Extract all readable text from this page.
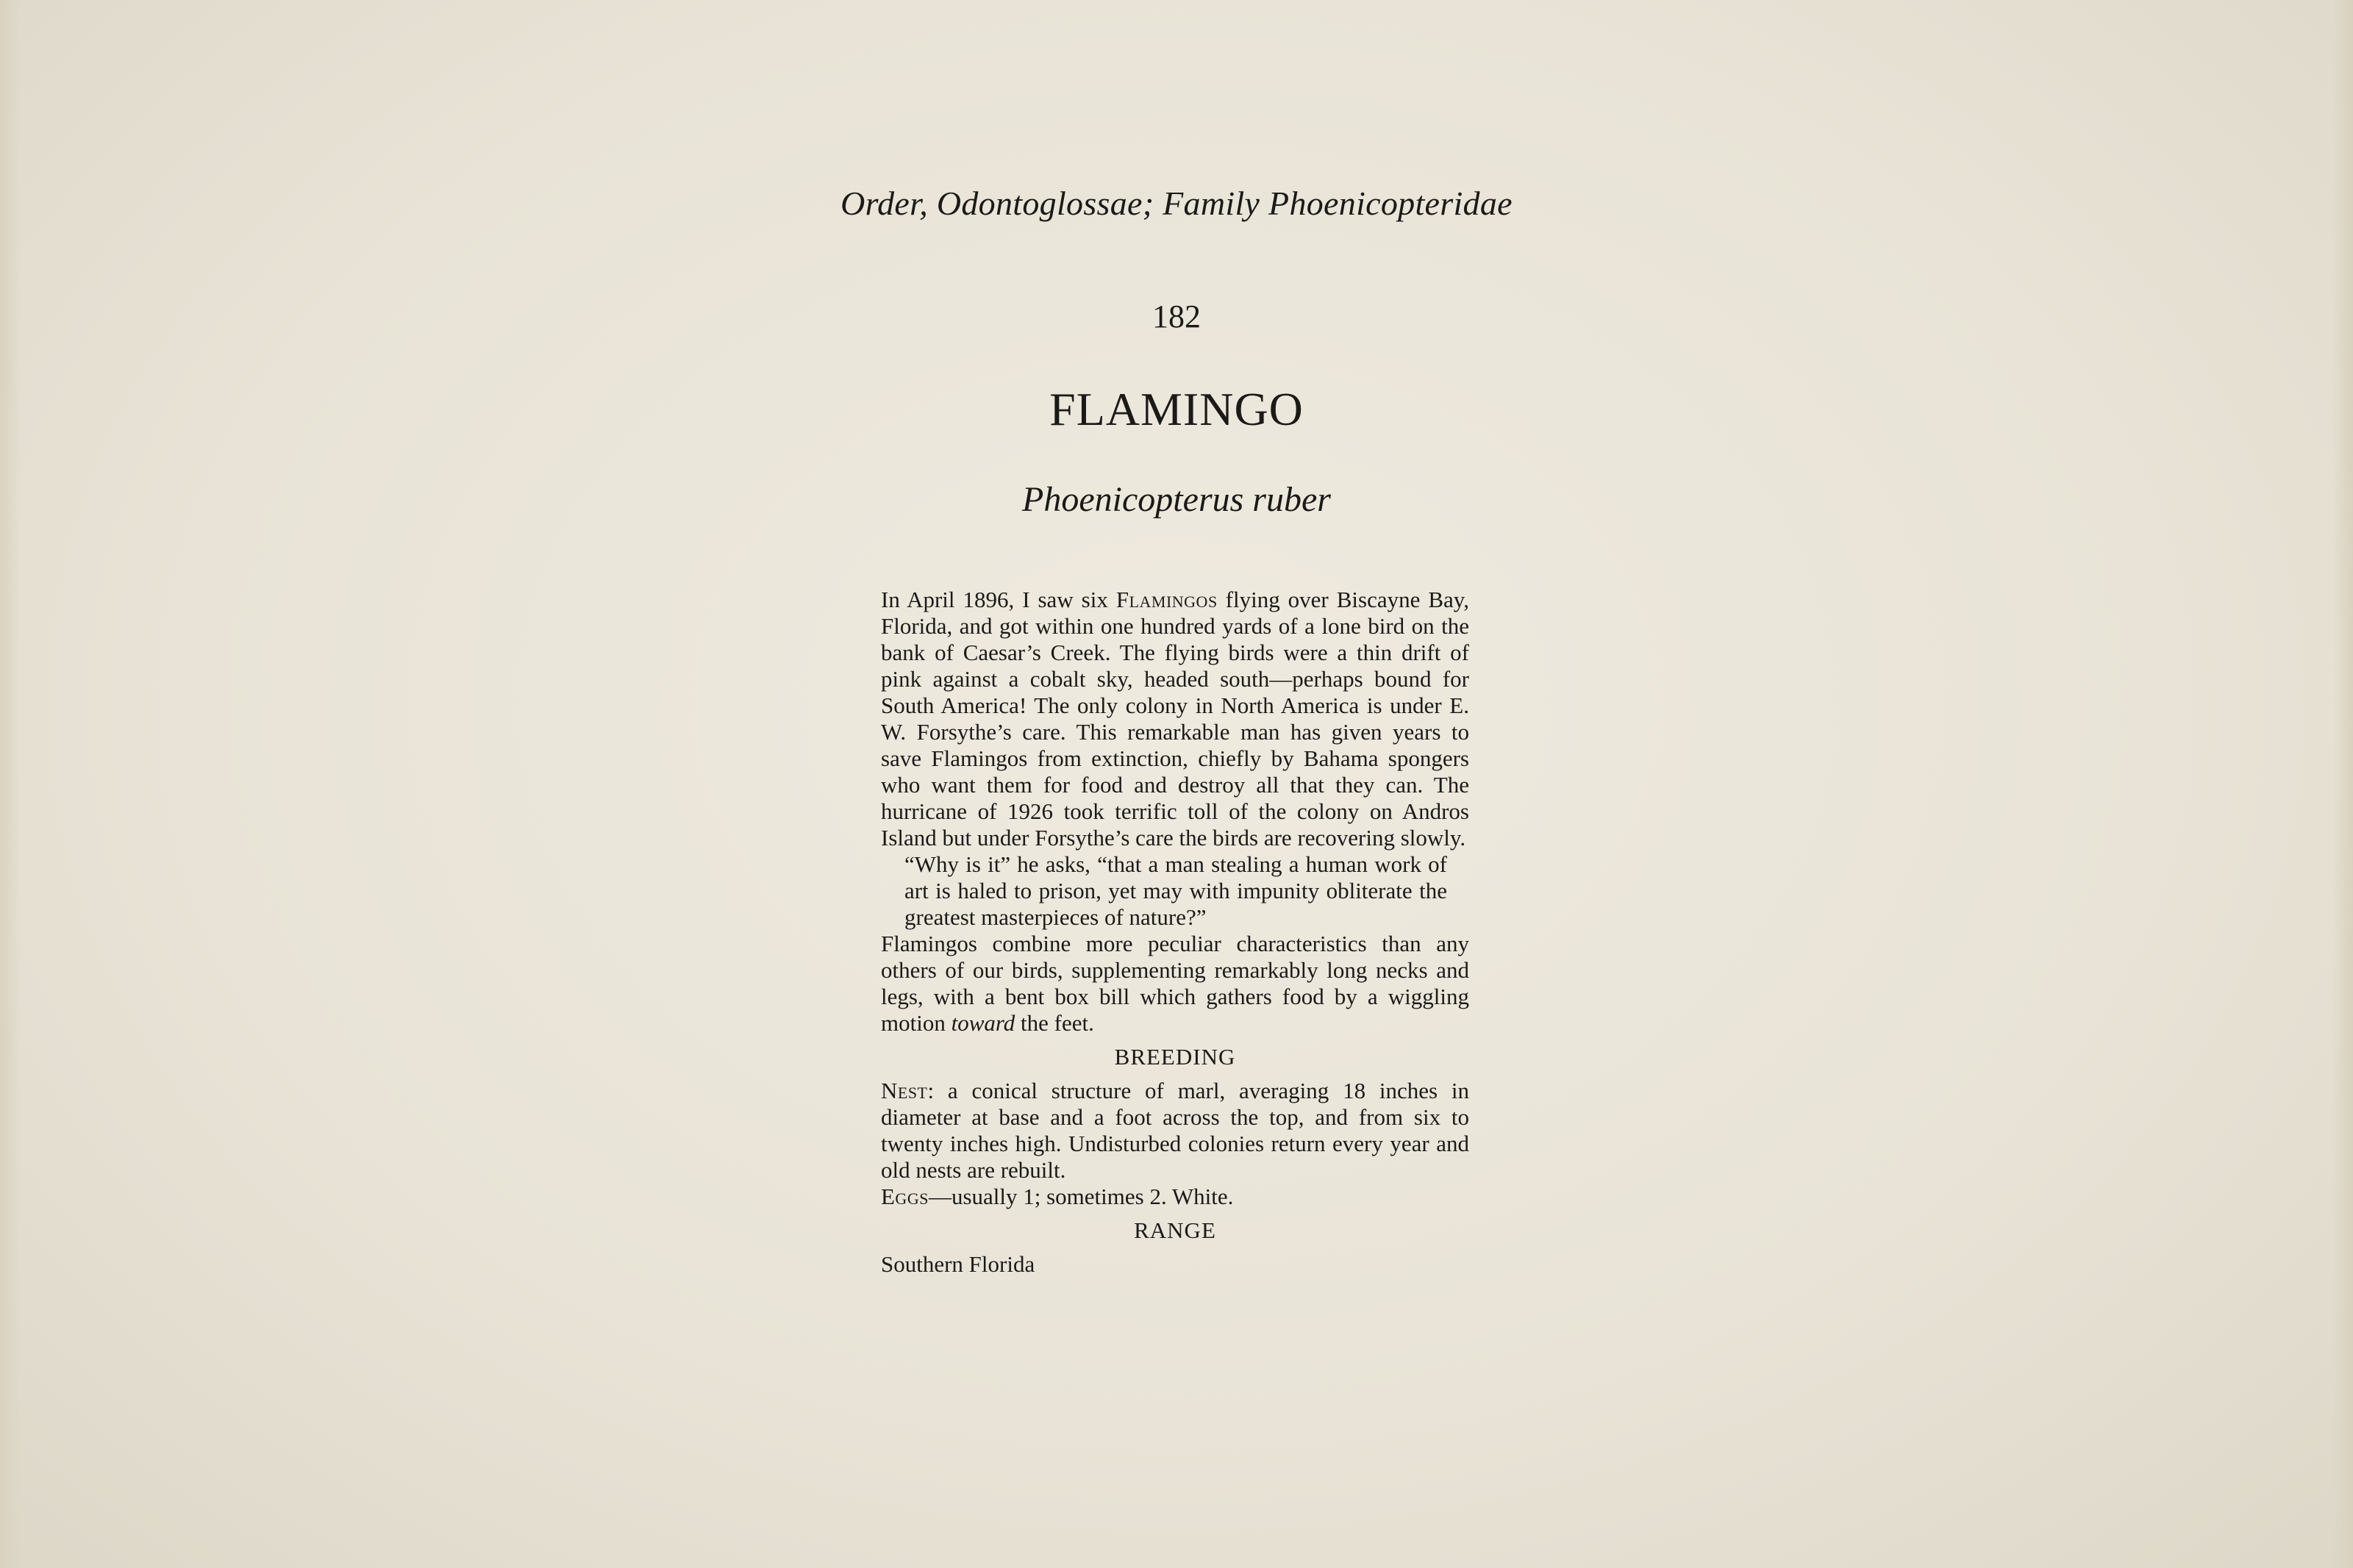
Order, Odontoglossae; Family Phoenicopteridae
182
FLAMINGO
Phoenicopterus ruber

In April 1896, I saw six Flamingos flying over Biscayne Bay, Florida, and got within one hundred yards of a lone bird on the bank of Caesar’s Creek. The flying birds were a thin drift of pink against a cobalt sky, headed south—perhaps bound for South America! The only colony in North America is under E. W. Forsythe’s care. This remarkable man has given years to save Flamingos from extinction, chiefly by Bahama spongers who want them for food and destroy all that they can. The hurricane of 1926 took terrific toll of the colony on Andros Island but under Forsythe’s care the birds are recovering slowly.

“Why is it” he asks, “that a man stealing a human work of art is haled to prison, yet may with impunity obliterate the greatest masterpieces of nature?”

Flamingos combine more peculiar characteristics than any others of our birds, supplementing remarkably long necks and legs, with a bent box bill which gathers food by a wiggling motion toward the feet.

BREEDING

Nest: a conical structure of marl, averaging 18 inches in diameter at base and a foot across the top, and from six to twenty inches high. Undisturbed colonies return every year and old nests are rebuilt.

Eggs—usually 1; sometimes 2. White.

RANGE

Southern Florida
